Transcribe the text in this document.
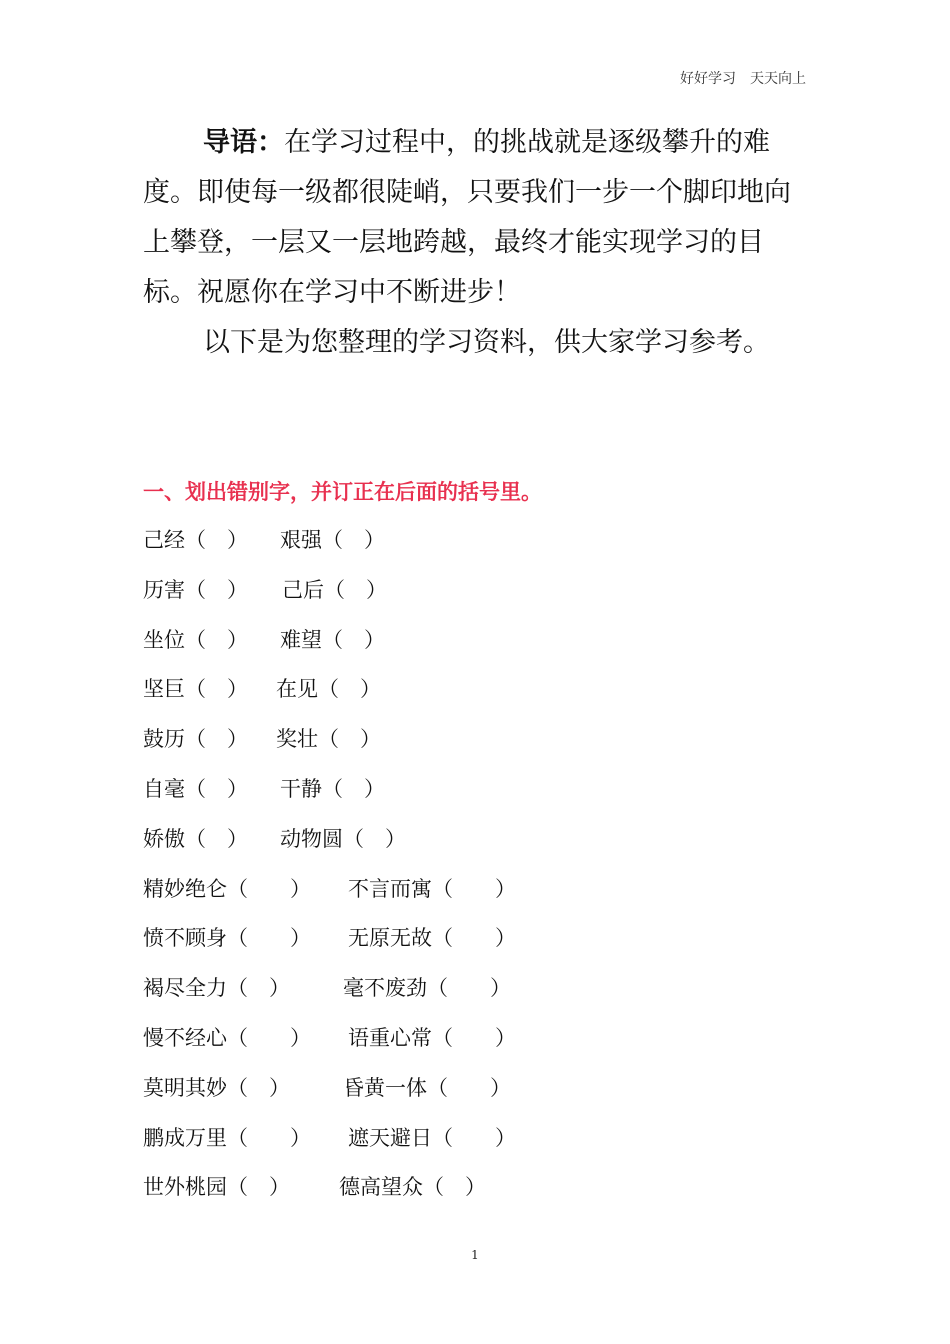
好好学习　天天向上

导语：在学习过程中，的挑战就是逐级攀升的难度。即使每一级都很陡峭，只要我们一步一个脚印地向上攀登，一层又一层地跨越，最终才能实现学习的目标。祝愿你在学习中不断进步！

以下是为您整理的学习资料，供大家学习参考。

一、划出错别字，并订正在后面的括号里。
己经（　） 艰强（　）
历害（　） 己后（　）
坐位（　） 难望（　）
坚巨（　） 在见（　）
鼓历（　） 奖壮（　）
自毫（　） 干静（　）
娇傲（　） 动物圆（　）
精妙绝仑（　　） 不言而寓（　　）
愤不顾身（　　） 无原无故（　　）
褐尽全力（　）	毫不废劲（　　）
慢不经心（　　） 语重心常（　　）
莫明其妙（　）	昏黄一体（　　）
鹏成万里（　　） 遮天避日（　　）
世外桃园（　） 德高望众（　）
1
